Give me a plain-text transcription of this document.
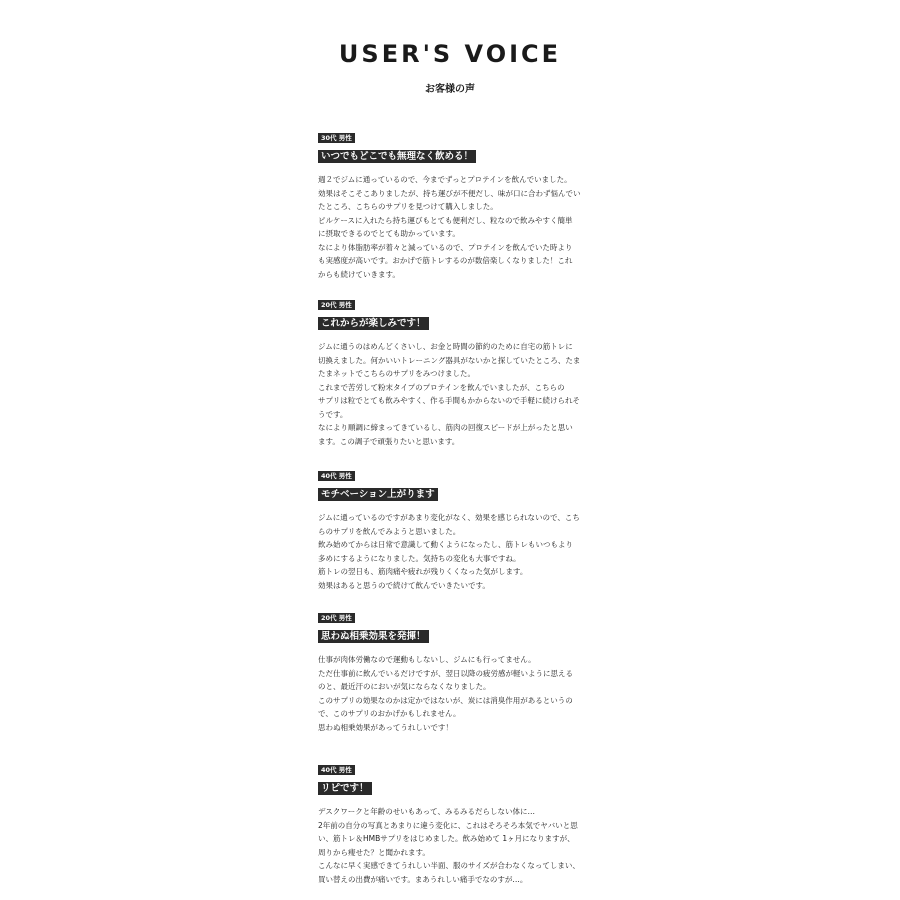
USER'S VOICE
お客様の声
30代 男性
いつでもどこでも無理なく飲める！
週２でジムに通っているので、今までずっとプロテインを飲んでいました。
効果はそこそこありましたが、持ち運びが不便だし、味が口に合わず悩んでい
たところ、こちらのサプリを見つけて購入しました。
ピルケースに入れたら持ち運びもとても便利だし、粒なので飲みやすく簡単
に摂取できるのでとても助かっています。
なにより体脂肪率が着々と減っているので、プロテインを飲んでいた時より
も実感度が高いです。おかげで筋トレするのが数倍楽しくなりました！これ
からも続けていきます。
20代 男性
これからが楽しみです！
ジムに通うのはめんどくさいし、お金と時間の節約のために自宅の筋トレに
切換えました。何かいいトレーニング器具がないかと探していたところ、たま
たまネットでこちらのサプリをみつけました。
これまで苦労して粉末タイプのプロテインを飲んでいましたが、こちらの
サプリは粒でとても飲みやすく、作る手間もかからないので手軽に続けられそ
うです。
なにより順調に締まってきているし、筋肉の回復スピードが上がったと思い
ます。この調子で頑張りたいと思います。
40代 男性
モチベーション上がります
ジムに通っているのですがあまり変化がなく、効果を感じられないので、こち
らのサプリを飲んでみようと思いました。
飲み始めてからは日常で意識して動くようになったし、筋トレもいつもより
多めにするようになりました。気持ちの変化も大事ですね。
筋トレの翌日も、筋肉痛や疲れが残りくくなった気がします。
効果はあると思うので続けて飲んでいきたいです。
20代 男性
思わぬ相乗効果を発揮！
仕事が肉体労働なので運動もしないし、ジムにも行ってません。
ただ仕事前に飲んでいるだけですが、翌日以降の疲労感が軽いように思える
のと、最近汗のにおいが気にならなくなりました。
このサプリの効果なのかは定かではないが、炭には消臭作用があるというの
で、このサプリのおかげかもしれません。
思わぬ相乗効果があってうれしいです！
40代 男性
リピです！
デスクワークと年齢のせいもあって、みるみるだらしない体に…
2年前の自分の写真とあまりに違う変化に、これはそろそろ本気でヤバいと思
い、筋トレ＆HMBサプリをはじめました。飲み始めて 1ヶ月になりますが、
周りから痩せた？と聞かれます。
こんなに早く実感できてうれしい半面、服のサイズが合わなくなってしまい、
買い替えの出費が痛いです。まあうれしい痛手でなのすが…。
